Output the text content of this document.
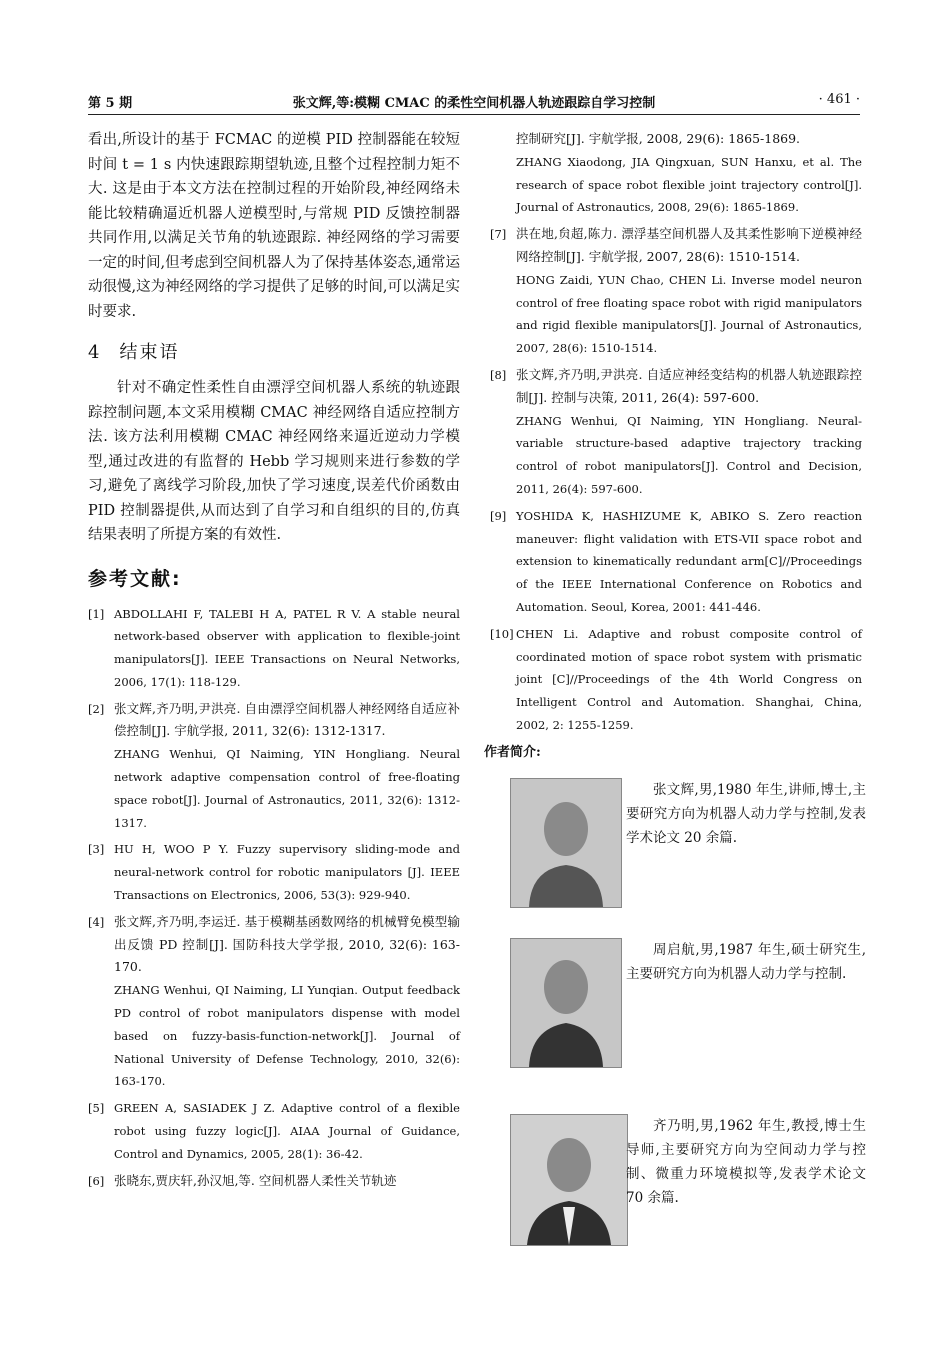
第 5 期	张文辉,等:模糊 CMAC 的柔性空间机器人轨迹跟踪自学习控制	· 461 ·

看出,所设计的基于 FCMAC 的逆模 PID 控制器能在较短时间 t = 1 s 内快速跟踪期望轨迹,且整个过程控制力矩不大. 这是由于本文方法在控制过程的开始阶段,神经网络未能比较精确逼近机器人逆模型时,与常规 PID 反馈控制器共同作用,以满足关节角的轨迹跟踪. 神经网络的学习需要一定的时间,但考虑到空间机器人为了保持基体姿态,通常运动很慢,这为神经网络的学习提供了足够的时间,可以满足实时要求.

4 结束语

针对不确定性柔性自由漂浮空间机器人系统的轨迹跟踪控制问题,本文采用模糊 CMAC 神经网络自适应控制方法. 该方法利用模糊 CMAC 神经网络来逼近逆动力学模型,通过改进的有监督的 Hebb 学习规则来进行参数的学习,避免了离线学习阶段,加快了学习速度,误差代价函数由 PID 控制器提供,从而达到了自学习和自组织的目的,仿真结果表明了所提方案的有效性.

参考文献:
[1] ABDOLLAHI F, TALEBI H A, PATEL R V. A stable neural network-based observer with application to flexible-joint manipulators[J]. IEEE Transactions on Neural Networks, 2006, 17(1): 118-129.

[2] 张文辉,齐乃明,尹洪亮. 自由漂浮空间机器人神经网络自适应补偿控制[J]. 宇航学报, 2011, 32(6): 1312-1317.

ZHANG Wenhui, QI Naiming, YIN Hongliang. Neural network adaptive compensation control of free-floating space robot[J]. Journal of Astronautics, 2011, 32(6): 1312-1317.

[3] HU H, WOO P Y. Fuzzy supervisory sliding-mode and neural-network control for robotic manipulators [J]. IEEE Transactions on Electronics, 2006, 53(3): 929-940.

[4] 张文辉,齐乃明,李运迁. 基于模糊基函数网络的机械臂免模型输出反馈 PD 控制[J]. 国防科技大学学报, 2010, 32(6): 163-170.

ZHANG Wenhui, QI Naiming, LI Yunqian. Output feedback PD control of robot manipulators dispense with model based on fuzzy-basis-function-network[J]. Journal of National University of Defense Technology, 2010, 32(6): 163-170.

[5] GREEN A, SASIADEK J Z. Adaptive control of a flexible robot using fuzzy logic[J]. AIAA Journal of Guidance, Control and Dynamics, 2005, 28(1): 36-42.

[6] 张晓东,贾庆轩,孙汉旭,等. 空间机器人柔性关节轨迹

控制研究[J]. 宇航学报, 2008, 29(6): 1865-1869.

ZHANG Xiaodong, JIA Qingxuan, SUN Hanxu, et al. The research of space robot flexible joint trajectory control[J]. Journal of Astronautics, 2008, 29(6): 1865-1869.

[7] 洪在地,贠超,陈力. 漂浮基空间机器人及其柔性影响下逆模神经网络控制[J]. 宇航学报, 2007, 28(6): 1510-1514.

HONG Zaidi, YUN Chao, CHEN Li. Inverse model neuron control of free floating space robot with rigid manipulators and rigid flexible manipulators[J]. Journal of Astronautics, 2007, 28(6): 1510-1514.

[8] 张文辉,齐乃明,尹洪亮. 自适应神经变结构的机器人轨迹跟踪控制[J]. 控制与决策, 2011, 26(4): 597-600.

ZHANG Wenhui, QI Naiming, YIN Hongliang. Neural-variable structure-based adaptive trajectory tracking control of robot manipulators[J]. Control and Decision, 2011, 26(4): 597-600.

[9] YOSHIDA K, HASHIZUME K, ABIKO S. Zero reaction maneuver: flight validation with ETS-VII space robot and extension to kinematically redundant arm[C]//Proceedings of the IEEE International Conference on Robotics and Automation. Seoul, Korea, 2001: 441-446.

[10] CHEN Li. Adaptive and robust composite control of coordinated motion of space robot system with prismatic joint [C]//Proceedings of the 4th World Congress on Intelligent Control and Automation. Shanghai, China, 2002, 2: 1255-1259.

作者简介:

张文辉,男,1980 年生,讲师,博士,主要研究方向为机器人动力学与控制,发表学术论文 20 余篇.

周启航,男,1987 年生,硕士研究生,主要研究方向为机器人动力学与控制.

齐乃明,男,1962 年生,教授,博士生导师,主要研究方向为空间动力学与控制、微重力环境模拟等,发表学术论文 70 余篇.
